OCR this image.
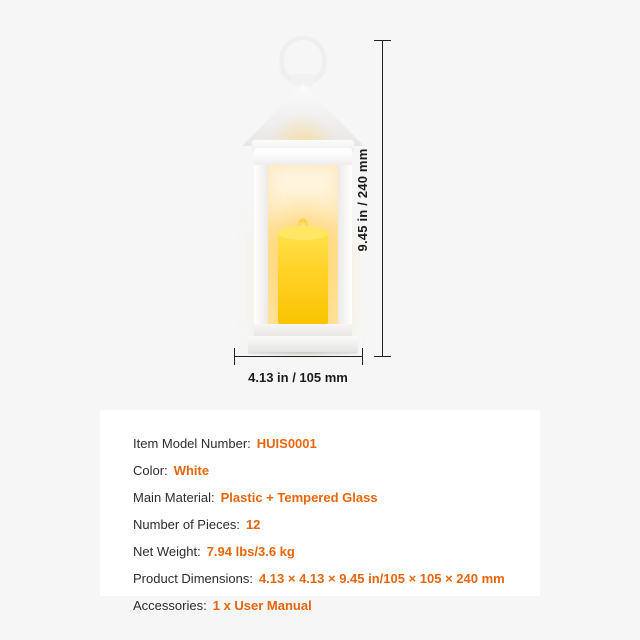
9.45 in / 240 mm
4.13 in / 105 mm
Item Model Number: HUIS0001
Color: White
Main Material: Plastic + Tempered Glass
Number of Pieces: 12
Net Weight: 7.94 lbs/3.6 kg
Product Dimensions: 4.13 × 4.13 × 9.45 in/105 × 105 × 240 mm
Accessories: 1 x User Manual
